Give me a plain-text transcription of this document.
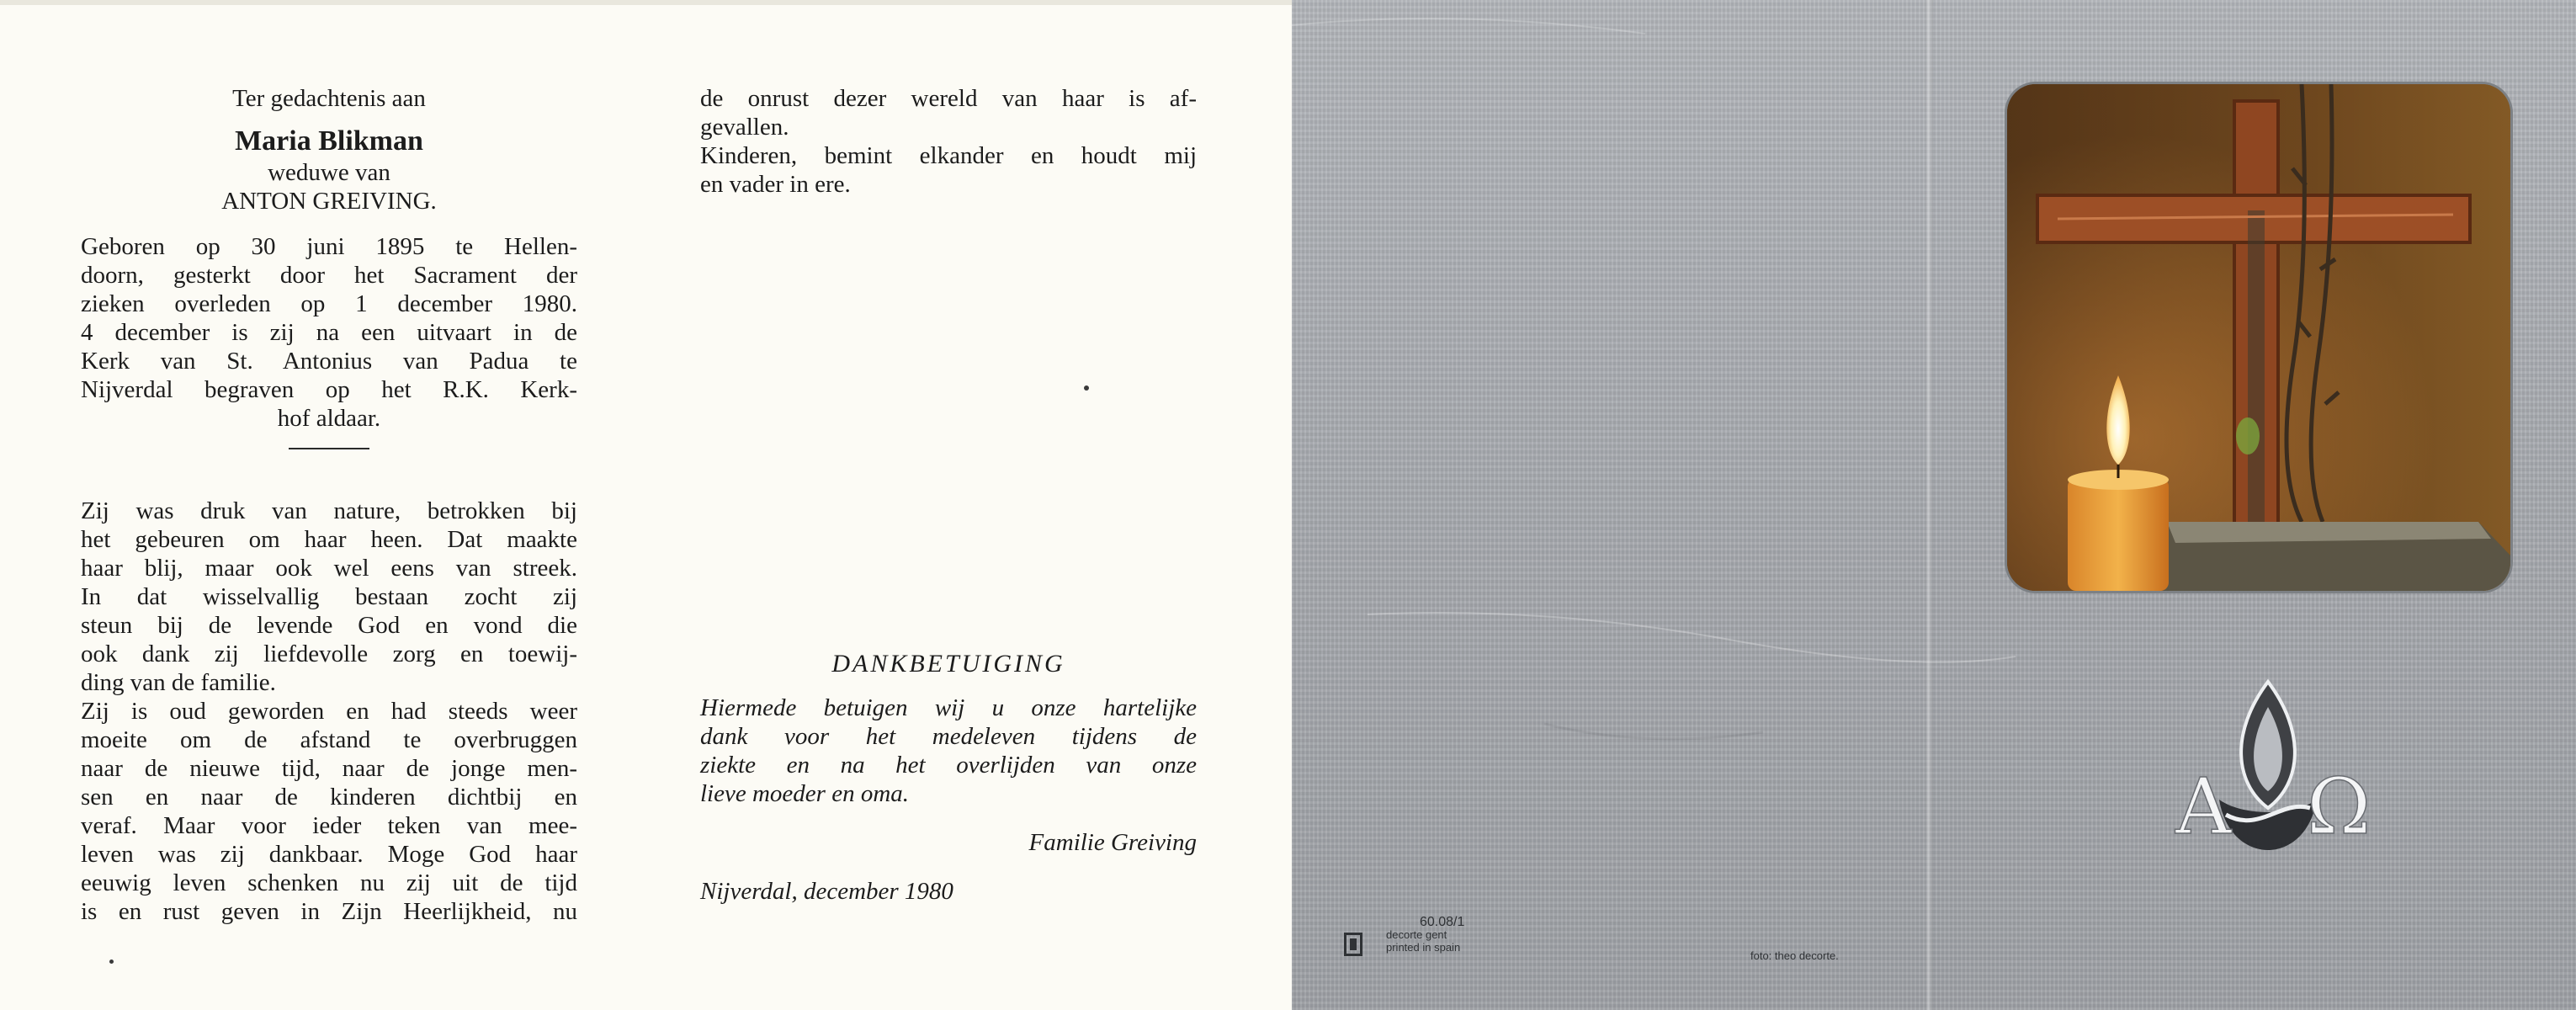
Ter gedachtenis aan
Maria Blikman
weduwe van
ANTON GREIVING.
Geboren op 30 juni 1895 te Hellen-
doorn, gesterkt door het Sacrament der
zieken overleden op 1 december 1980.
4 december is zij na een uitvaart in de
Kerk van St. Antonius van Padua te
Nijverdal begraven op het R.K. Kerk-
hof aldaar.
Zij was druk van nature, betrokken bij
het gebeuren om haar heen. Dat maakte
haar blij, maar ook wel eens van streek.
In dat wisselvallig bestaan zocht zij
steun bij de levende God en vond die
ook dank zij liefdevolle zorg en toewij-
ding van de familie.
Zij is oud geworden en had steeds weer
moeite om de afstand te overbruggen
naar de nieuwe tijd, naar de jonge men-
sen en naar de kinderen dichtbij en
veraf. Maar voor ieder teken van mee-
leven was zij dankbaar. Moge God haar
eeuwig leven schenken nu zij uit de tijd
is en rust geven in Zijn Heerlijkheid, nu
de onrust dezer wereld van haar is af-
gevallen.
Kinderen, bemint elkander en houdt mij
en vader in ere.
DANKBETUIGING
Hiermede betuigen wij u onze hartelijke
dank voor het medeleven tijdens de
ziekte en na het overlijden van onze
lieve moeder en oma.
Familie Greiving
Nijverdal, december 1980
A Ω
60.08/1
decorte gent
printed in spain
foto: theo decorte.
